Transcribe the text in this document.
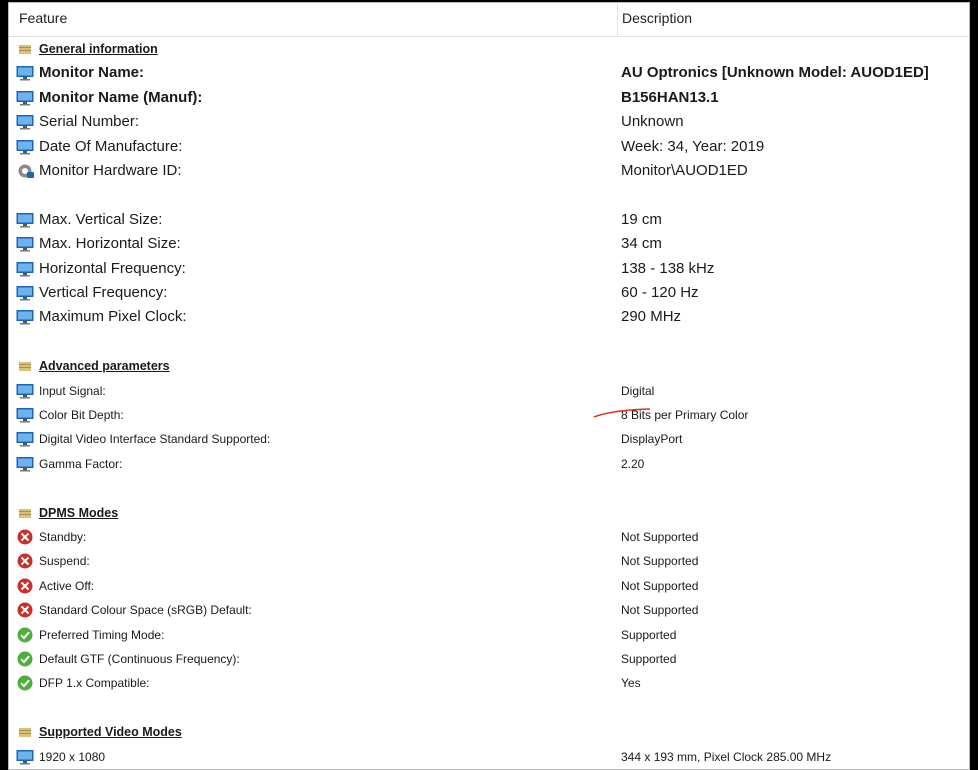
Feature	Description
General information
Monitor Name:	AU Optronics [Unknown Model: AUOD1ED]
Monitor Name (Manuf):	B156HAN13.1
Serial Number:	Unknown
Date Of Manufacture:	Week: 34, Year: 2019
Monitor Hardware ID:	Monitor\AUOD1ED
Max. Vertical Size:	19 cm
Max. Horizontal Size:	34 cm
Horizontal Frequency:	138 - 138 kHz
Vertical Frequency:	60 - 120 Hz
Maximum Pixel Clock:	290 MHz
Advanced parameters
Input Signal:	Digital
Color Bit Depth:	8 Bits per Primary Color
Digital Video Interface Standard Supported:	DisplayPort
Gamma Factor:	2.20
DPMS Modes
Standby:	Not Supported
Suspend:	Not Supported
Active Off:	Not Supported
Standard Colour Space (sRGB) Default:	Not Supported
Preferred Timing Mode:	Supported
Default GTF (Continuous Frequency):	Supported
DFP 1.x Compatible:	Yes
Supported Video Modes
1920 x 1080	344 x 193 mm, Pixel Clock 285.00 MHz
